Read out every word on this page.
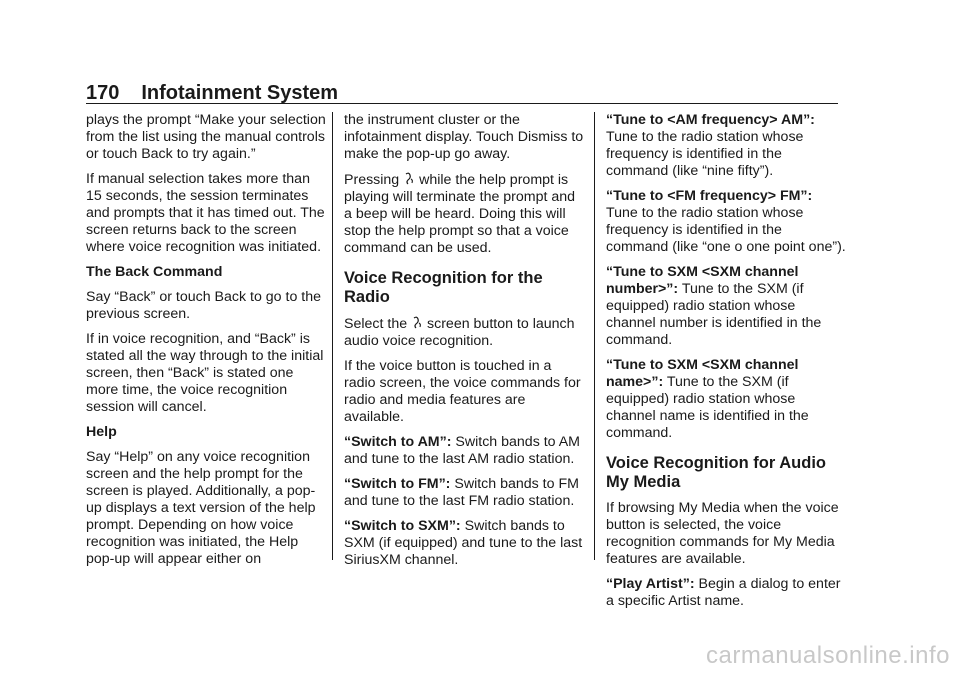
170 Infotainment System

plays the prompt “Make your selection from the list using the manual controls or touch Back to try again.”

If manual selection takes more than 15 seconds, the session terminates and prompts that it has timed out. The screen returns back to the screen where voice recognition was initiated.

The Back Command

Say “Back” or touch Back to go to the previous screen.

If in voice recognition, and “Back” is stated all the way through to the initial screen, then “Back” is stated one more time, the voice recognition session will cancel.

Help

Say “Help” on any voice recognition screen and the help prompt for the screen is played. Additionally, a pop-up displays a text version of the help prompt. Depending on how voice recognition was initiated, the Help pop-up will appear either on

the instrument cluster or the infotainment display. Touch Dismiss to make the pop-up go away.

Pressing while the help prompt is playing will terminate the prompt and a beep will be heard. Doing this will stop the help prompt so that a voice command can be used.

Voice Recognition for the Radio

Select the screen button to launch audio voice recognition.

If the voice button is touched in a radio screen, the voice commands for radio and media features are available.

“Switch to AM”: Switch bands to AM and tune to the last AM radio station.

“Switch to FM”: Switch bands to FM and tune to the last FM radio station.

“Switch to SXM”: Switch bands to SXM (if equipped) and tune to the last SiriusXM channel.

“Tune to <AM frequency> AM”: Tune to the radio station whose frequency is identified in the command (like “nine fifty”).

“Tune to <FM frequency> FM”: Tune to the radio station whose frequency is identified in the command (like “one o one point one”).

“Tune to SXM <SXM channel number>”: Tune to the SXM (if equipped) radio station whose channel number is identified in the command.

“Tune to SXM <SXM channel name>”: Tune to the SXM (if equipped) radio station whose channel name is identified in the command.

Voice Recognition for Audio My Media

If browsing My Media when the voice button is selected, the voice recognition commands for My Media features are available.

“Play Artist”: Begin a dialog to enter a specific Artist name.

carmanualsonline.info
